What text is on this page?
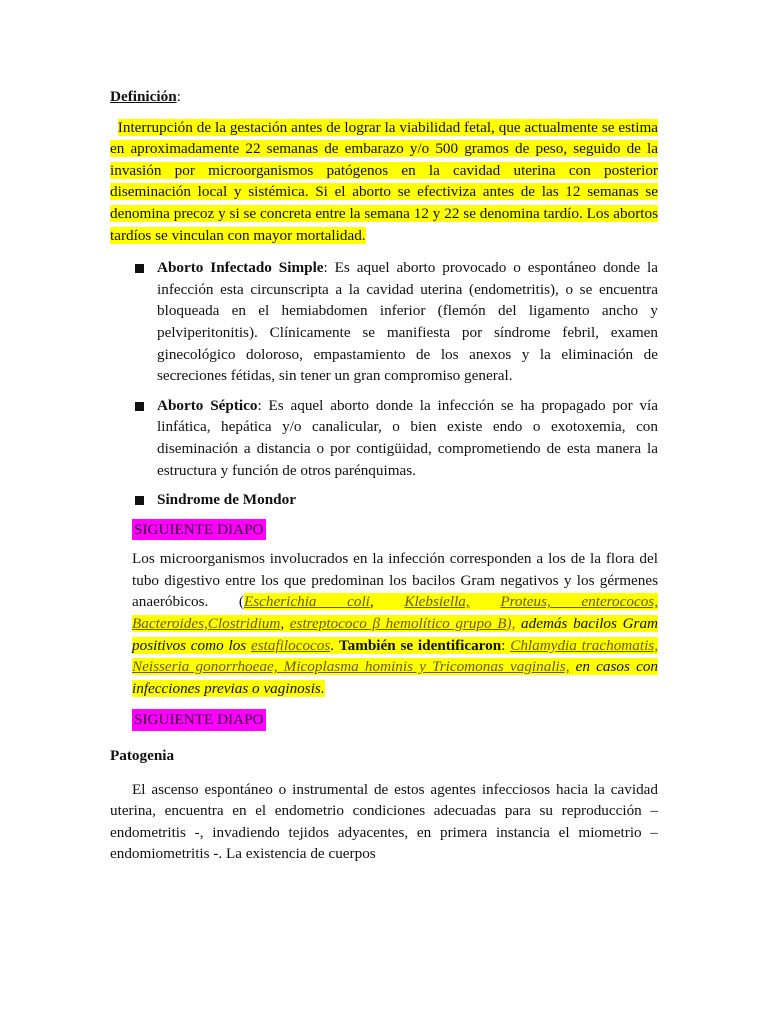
Definición:

Interrupción de la gestación antes de lograr la viabilidad fetal, que actualmente se estima en aproximadamente 22 semanas de embarazo y/o 500 gramos de peso, seguido de la invasión por microorganismos patógenos en la cavidad uterina con posterior diseminación local y sistémica. Si el aborto se efectiviza antes de las 12 semanas se denomina precoz y si se concreta entre la semana 12 y 22 se denomina tardío. Los abortos tardíos se vinculan con mayor mortalidad.

Aborto Infectado Simple: Es aquel aborto provocado o espontáneo donde la infección esta circunscripta a la cavidad uterina (endometritis), o se encuentra bloqueada en el hemiabdomen inferior (flemón del ligamento ancho y pelviperitonitis). Clínicamente se manifiesta por síndrome febril, examen ginecológico doloroso, empastamiento de los anexos y la eliminación de secreciones fétidas, sin tener un gran compromiso general.
Aborto Séptico: Es aquel aborto donde la infección se ha propagado por vía linfática, hepática y/o canalicular, o bien existe endo o exotoxemia, con diseminación a distancia o por contigüidad, comprometiendo de esta manera la estructura y función de otros parénquimas.
Sindrome de Mondor
SIGUIENTE DIAPO

Los microorganismos involucrados en la infección corresponden a los de la flora del tubo digestivo entre los que predominan los bacilos Gram negativos y los gérmenes anaeróbicos. (Escherichia coli, Klebsiella, Proteus, enterococos, Bacteroides,Clostridium, estreptococo β hemolítico grupo B), además bacilos Gram positivos como los estafilococos. También se identificaron: Chlamydia trachomatis, Neisseria gonorrhoeae, Micoplasma hominis y Tricomonas vaginalis, en casos con infecciones previas o vaginosis.

SIGUIENTE DIAPO

Patogenia

El ascenso espontáneo o instrumental de estos agentes infecciosos hacia la cavidad uterina, encuentra en el endometrio condiciones adecuadas para su reproducción – endometritis -, invadiendo tejidos adyacentes, en primera instancia el miometrio – endomiometritis -. La existencia de cuerpos
